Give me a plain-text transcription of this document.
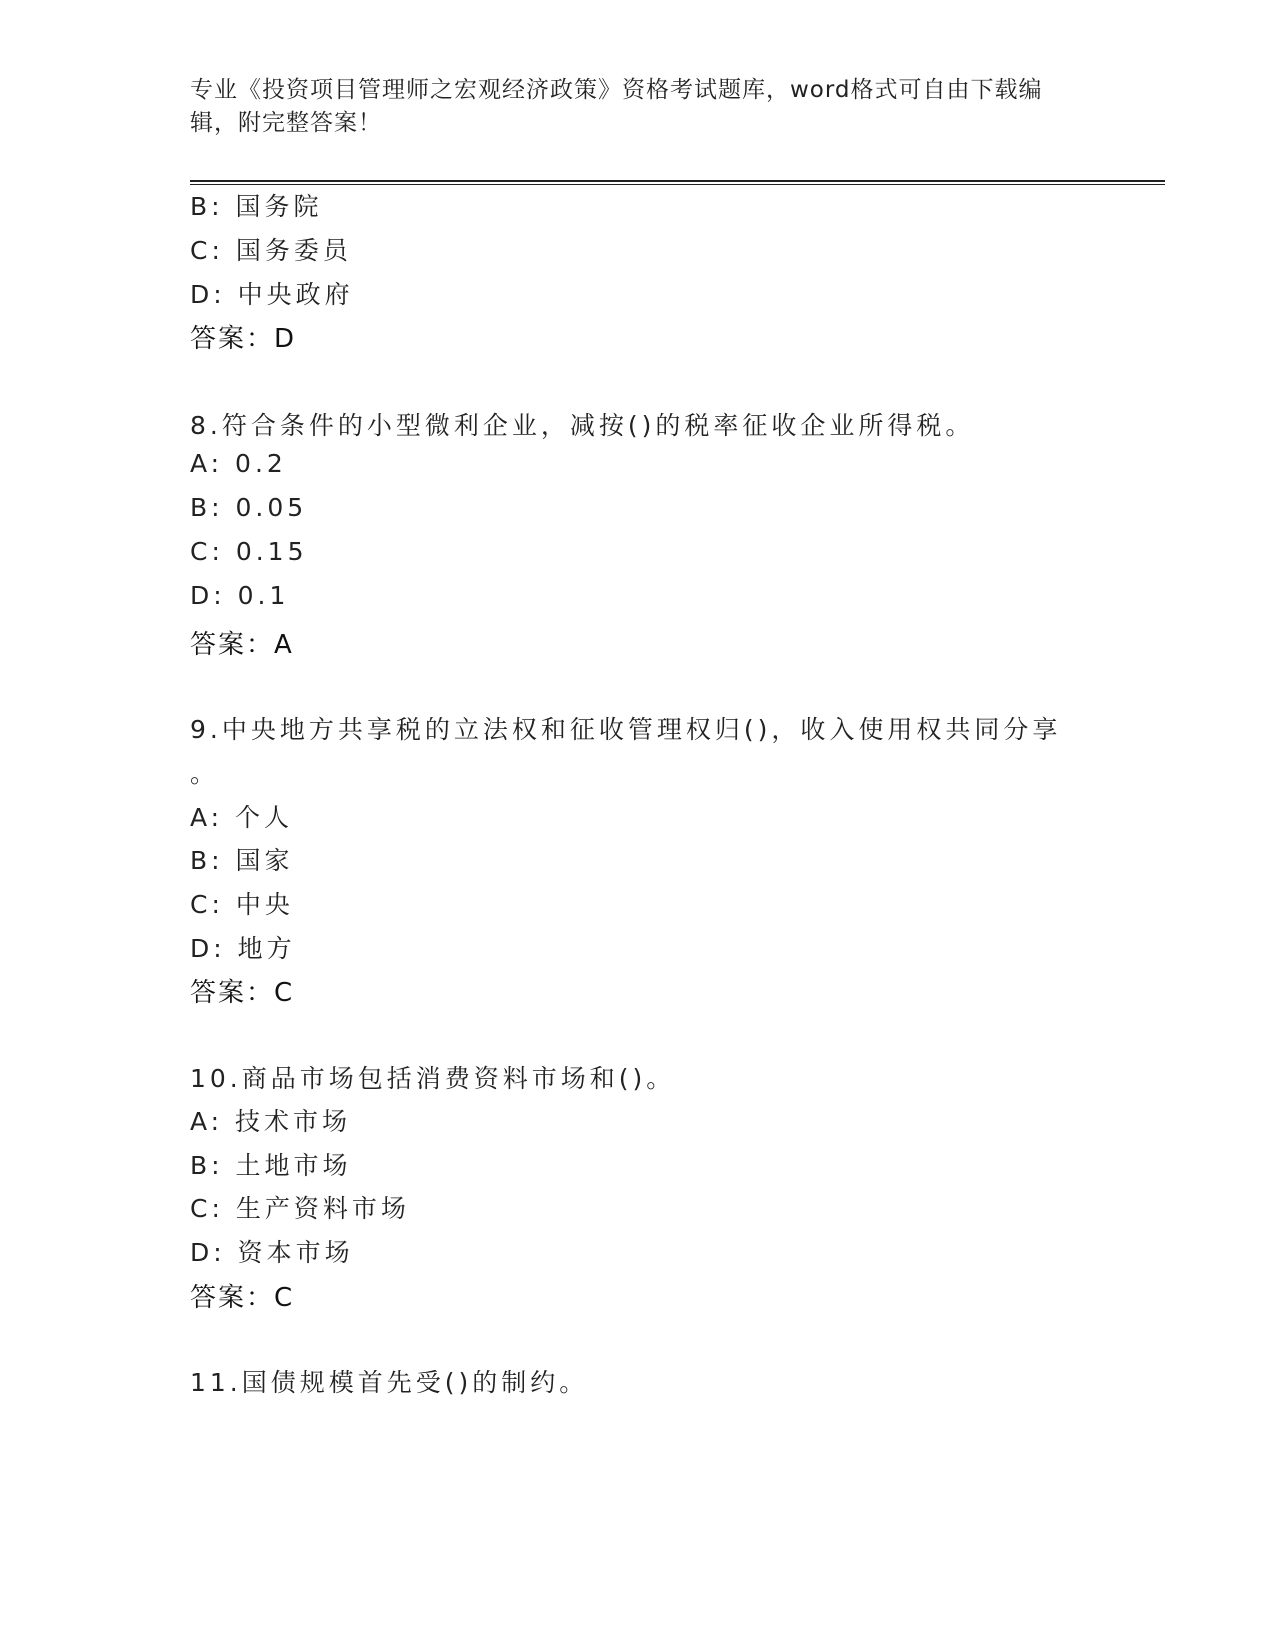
专业《投资项目管理师之宏观经济政策》资格考试题库，word格式可自由下载编
辑，附完整答案！
B: 国务院
C: 国务委员
D: 中央政府
答案：D
8.符合条件的小型微利企业，减按()的税率征收企业所得税。
A: 0.2
B: 0.05
C: 0.15
D: 0.1
答案：A
9.中央地方共享税的立法权和征收管理权归()，收入使用权共同分享
。
A: 个人
B: 国家
C: 中央
D: 地方
答案：C
10.商品市场包括消费资料市场和()。
A: 技术市场
B: 土地市场
C: 生产资料市场
D: 资本市场
答案：C
11.国债规模首先受()的制约。
